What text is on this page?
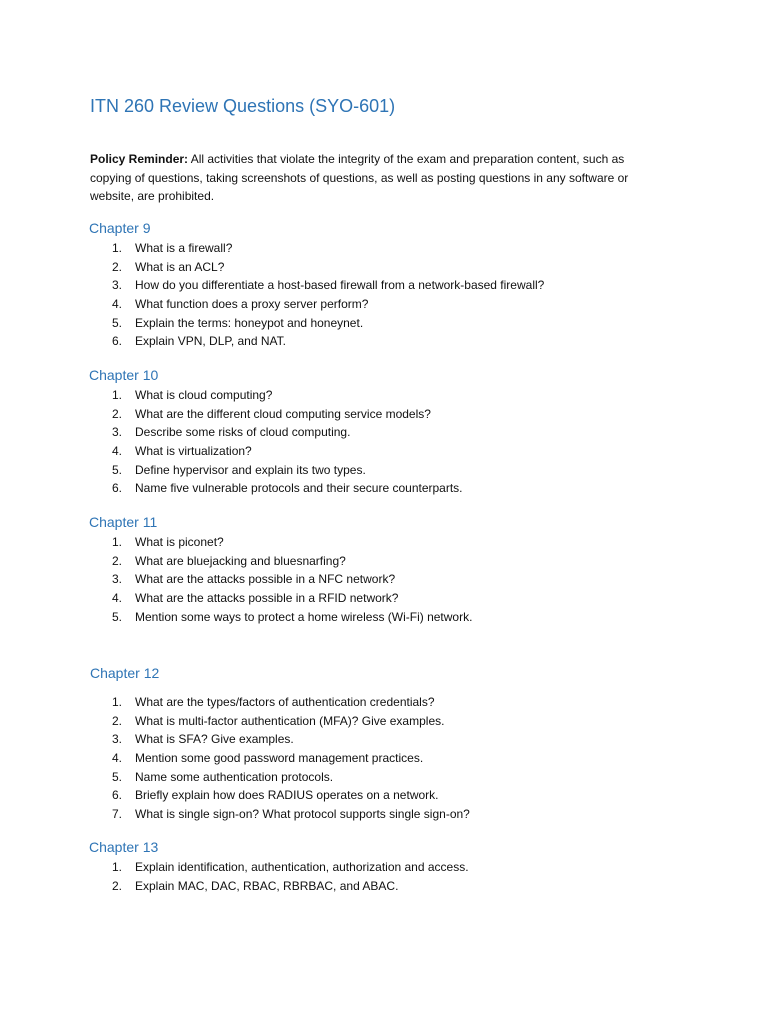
ITN 260 Review Questions (SYO-601)

Policy Reminder: All activities that violate the integrity of the exam and preparation content, such as copying of questions, taking screenshots of questions, as well as posting questions in any software or website, are prohibited.

Chapter 9
1. What is a firewall?
2. What is an ACL?
3. How do you differentiate a host-based firewall from a network-based firewall?
4. What function does a proxy server perform?
5. Explain the terms: honeypot and honeynet.
6. Explain VPN, DLP, and NAT.
Chapter 10
1. What is cloud computing?
2. What are the different cloud computing service models?
3. Describe some risks of cloud computing.
4. What is virtualization?
5. Define hypervisor and explain its two types.
6. Name five vulnerable protocols and their secure counterparts.
Chapter 11
1. What is piconet?
2. What are bluejacking and bluesnarfing?
3. What are the attacks possible in a NFC network?
4. What are the attacks possible in a RFID network?
5. Mention some ways to protect a home wireless (Wi-Fi) network.
Chapter 12
1. What are the types/factors of authentication credentials?
2. What is multi-factor authentication (MFA)? Give examples.
3. What is SFA? Give examples.
4. Mention some good password management practices.
5. Name some authentication protocols.
6. Briefly explain how does RADIUS operates on a network.
7. What is single sign-on? What protocol supports single sign-on?
Chapter 13
1. Explain identification, authentication, authorization and access.
2. Explain MAC, DAC, RBAC, RBRBAC, and ABAC.
